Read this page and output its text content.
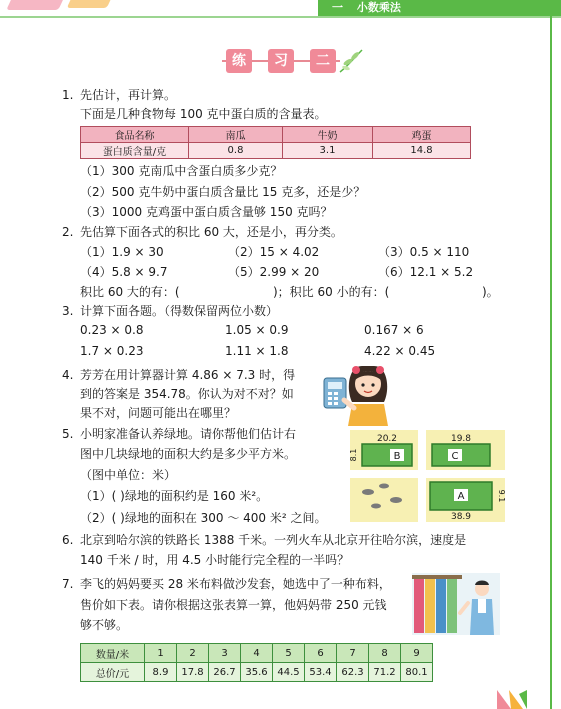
一 小数乘法
练	习	二
1. 先估计，再计算。
下面是几种食物每 100 克中蛋白质的含量表。
食品名称	南瓜	牛奶	鸡蛋
蛋白质含量/克	0.8	3.1	14.8
（1）300 克南瓜中含蛋白质多少克？
（2）500 克牛奶中蛋白质含量比 15 克多，还是少？
（3）1000 克鸡蛋中蛋白质含量够 150 克吗？
2. 先估算下面各式的积比 60 大，还是小，再分类。
（1）1.9 × 30	（2）15 × 4.02	（3）0.5 × 110
（4）5.8 × 9.7	（5）2.99 × 20	（6）12.1 × 5.2
积比 60 大的有：(	)；积比 60 小的有：(	)。
3. 计算下面各题。（得数保留两位小数）
0.23 × 0.8	1.05 × 0.9	0.167 × 6
1.7 × 0.23	1.11 × 1.8	4.22 × 0.45
4. 芳芳在用计算器计算 4.86 × 7.3 时，得
到的答案是 354.78。你认为对不对？如
果不对，问题可能出在哪里？
5. 小明家准备认养绿地。请你帮他们估计右
图中几块绿地的面积大约是多少平方米。
（图中单位：米）
（1）( )绿地的面积约是 160 米²。
（2）( )绿地的面积在 300 ～ 400 米² 之间。
B	C
A
20.2	19.8
8.1
9.1
38.9
6. 北京到哈尔滨的铁路长 1388 千米。一列火车从北京开往哈尔滨，速度是
140 千米 / 时，用 4.5 小时能行完全程的一半吗？
7. 李飞的妈妈要买 28 米布料做沙发套，她选中了一种布料，
售价如下表。请你根据这张表算一算，他妈妈带 250 元钱
够不够。
数量/米	1	2	3	4	5	6	7	8	9
总价/元	8.9	17.8	26.7	35.6	44.5	53.4	62.3	71.2	80.1
